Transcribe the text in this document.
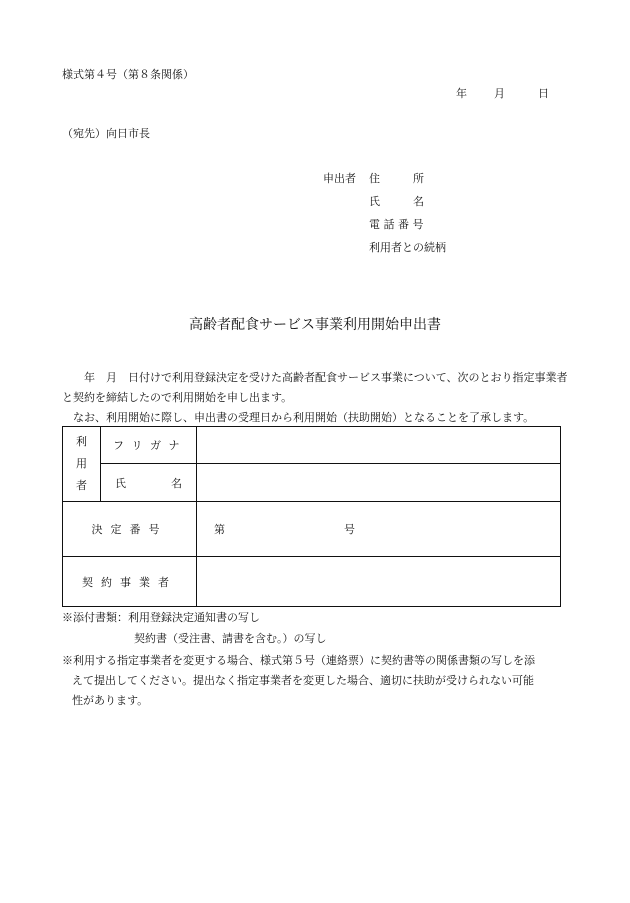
様式第４号（第８条関係）
年 月	日
（宛先）向日市長
申出者 住　　　所
氏　　　名
電 話 番 号
利用者との続柄
高齢者配食サービス事業利用開始申出書
年　月　日付けで利用登録決定を受けた高齢者配食サービス事業について、次のとおり指定事業者と契約を締結したので利用開始を申し出ます。
なお、利用開始に際し、申出書の受理日から利用開始（扶助開始）となることを了承します。
利
用
者	フ リ ガ ナ	

	氏 名	

決定番号		第 号

契約事業者		
※添付書類：利用登録決定通知書の写し
契約書（受注書、請書を含む。）の写し
※利用する指定事業者を変更する場合、様式第５号（連絡票）に契約書等の関係書類の写しを添
えて提出してください。提出なく指定事業者を変更した場合、適切に扶助が受けられない可能
性があります。
